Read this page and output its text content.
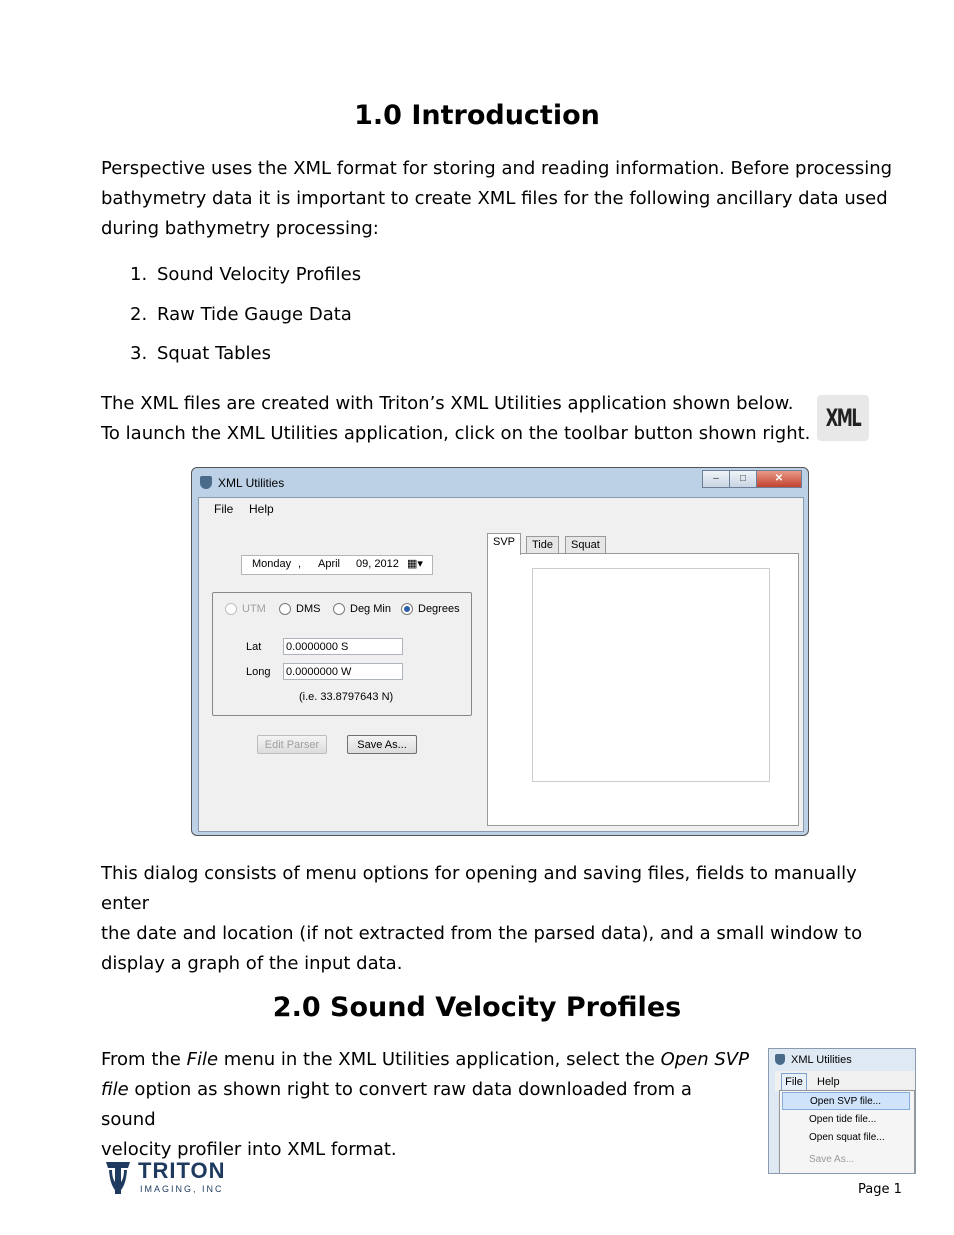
1.0 Introduction
Perspective uses the XML format for storing and reading information. Before processing
bathymetry data it is important to create XML files for the following ancillary data used
during bathymetry processing:
1. Sound Velocity Profiles
2. Raw Tide Gauge Data
3. Squat Tables
The XML files are created with Triton’s XML Utilities application shown below.
To launch the XML Utilities application, click on the toolbar button shown right.
XML
XML Utilities	–	□	✕
File Help
Monday , April 09, 2012 ▦▾
UTM	DMS	Deg Min Degrees
Lat 0.0000000 S
Long 0.0000000 W
(i.e. 33.8797643 N)
Edit Parser	Save As...
SVP	Tide	Squat
This dialog consists of menu options for opening and saving files, fields to manually enter
the date and location (if not extracted from the parsed data), and a small window to
display a graph of the input data.
2.0 Sound Velocity Profiles
From the File menu in the XML Utilities application, select the Open SVP
file option as shown right to convert raw data downloaded from a sound
velocity profiler into XML format.
XML Utilities
File	Help
Open SVP file...
Open tide file...
Open squat file...
Save As...
TRITON
IMAGING, INC	Page 1
